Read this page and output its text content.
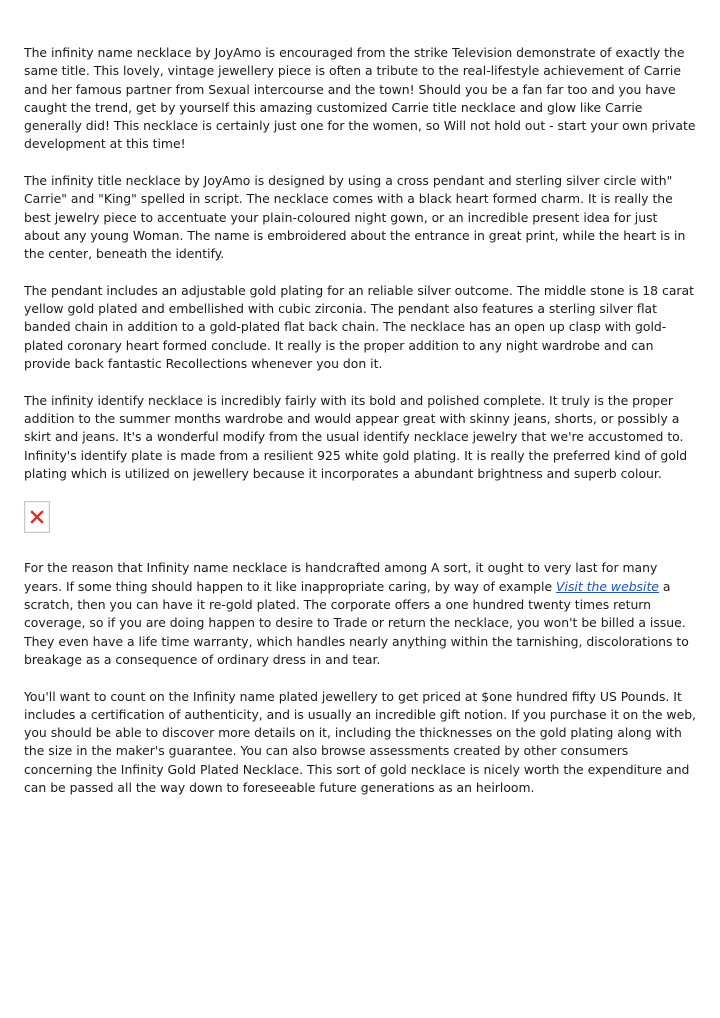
The infinity name necklace by JoyAmo is encouraged from the strike Television demonstrate of exactly the same title. This lovely, vintage jewellery piece is often a tribute to the real-lifestyle achievement of Carrie and her famous partner from Sexual intercourse and the town! Should you be a fan far too and you have caught the trend, get by yourself this amazing customized Carrie title necklace and glow like Carrie generally did! This necklace is certainly just one for the women, so Will not hold out - start your own private development at this time!

The infinity title necklace by JoyAmo is designed by using a cross pendant and sterling silver circle with" Carrie" and "King" spelled in script. The necklace comes with a black heart formed charm. It is really the best jewelry piece to accentuate your plain-coloured night gown, or an incredible present idea for just about any young Woman. The name is embroidered about the entrance in great print, while the heart is in the center, beneath the identify.

The pendant includes an adjustable gold plating for an reliable silver outcome. The middle stone is 18 carat yellow gold plated and embellished with cubic zirconia. The pendant also features a sterling silver flat banded chain in addition to a gold-plated flat back chain. The necklace has an open up clasp with gold-plated coronary heart formed conclude. It really is the proper addition to any night wardrobe and can provide back fantastic Recollections whenever you don it.

The infinity identify necklace is incredibly fairly with its bold and polished complete. It truly is the proper addition to the summer months wardrobe and would appear great with skinny jeans, shorts, or possibly a skirt and jeans. It's a wonderful modify from the usual identify necklace jewelry that we're accustomed to. Infinity's identify plate is made from a resilient 925 white gold plating. It is really the preferred kind of gold plating which is utilized on jewellery because it incorporates a abundant brightness and superb colour.

For the reason that Infinity name necklace is handcrafted among A sort, it ought to very last for many years. If some thing should happen to it like inappropriate caring, by way of example Visit the website a scratch, then you can have it re-gold plated. The corporate offers a one hundred twenty times return coverage, so if you are doing happen to desire to Trade or return the necklace, you won't be billed a issue. They even have a life time warranty, which handles nearly anything within the tarnishing, discolorations to breakage as a consequence of ordinary dress in and tear.

You'll want to count on the Infinity name plated jewellery to get priced at $one hundred fifty US Pounds. It includes a certification of authenticity, and is usually an incredible gift notion. If you purchase it on the web, you should be able to discover more details on it, including the thicknesses on the gold plating along with the size in the maker's guarantee. You can also browse assessments created by other consumers concerning the Infinity Gold Plated Necklace. This sort of gold necklace is nicely worth the expenditure and can be passed all the way down to foreseeable future generations as an heirloom.
